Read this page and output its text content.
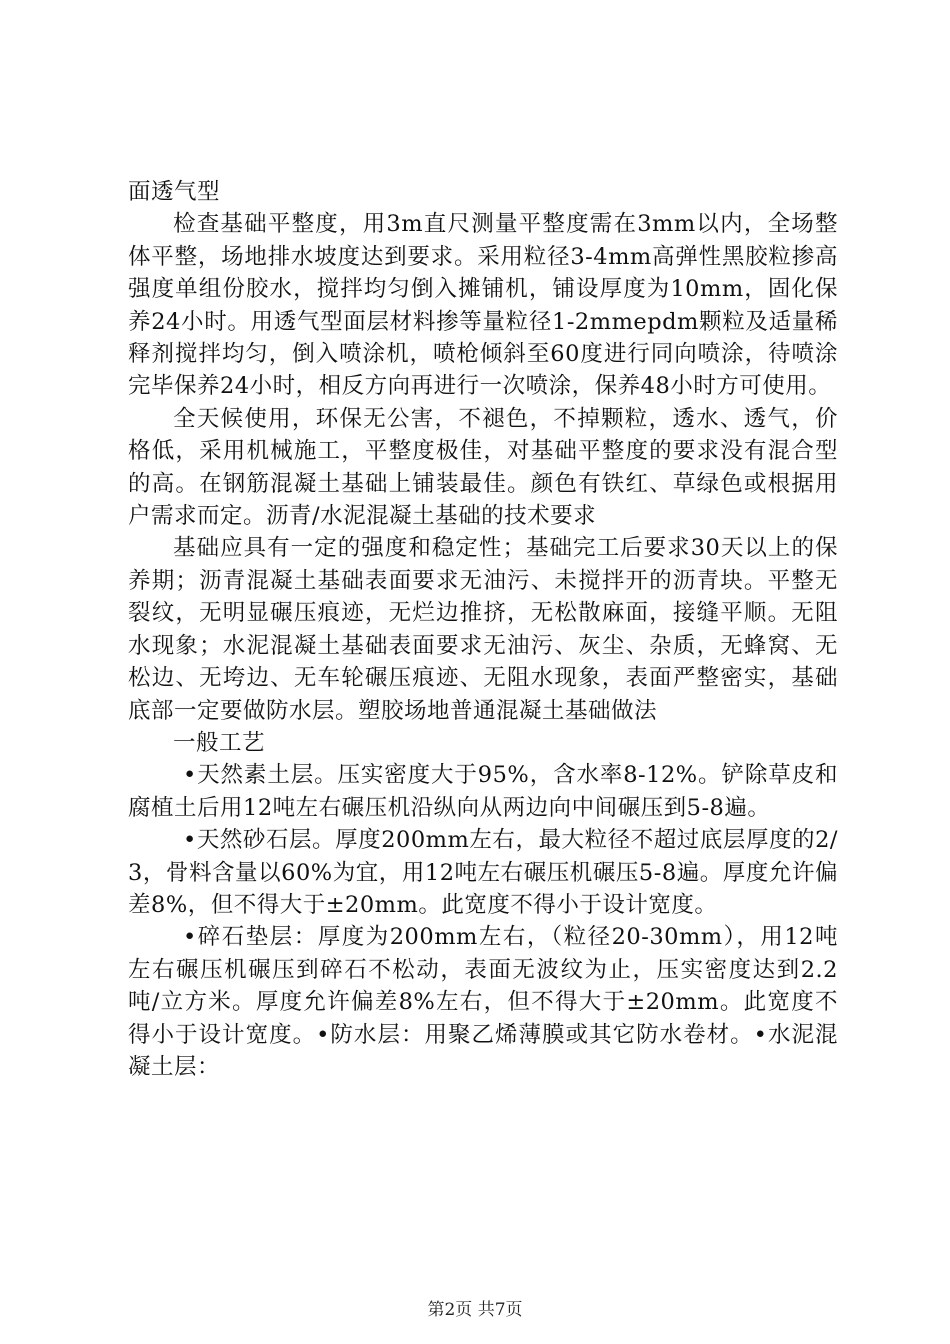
面透气型

检查基础平整度，用3m直尺测量平整度需在3mm以内，全场整体平整，场地排水坡度达到要求。采用粒径3-4mm高弹性黑胶粒掺高强度单组份胶水，搅拌均匀倒入摊铺机，铺设厚度为10mm，固化保养24小时。用透气型面层材料掺等量粒径1-2mmepdm颗粒及适量稀释剂搅拌均匀，倒入喷涂机，喷枪倾斜至60度进行同向喷涂，待喷涂完毕保养24小时，相反方向再进行一次喷涂，保养48小时方可使用。

全天候使用，环保无公害，不褪色，不掉颗粒，透水、透气，价格低，采用机械施工，平整度极佳，对基础平整度的要求没有混合型的高。在钢筋混凝土基础上铺装最佳。颜色有铁红、草绿色或根据用户需求而定。沥青/水泥混凝土基础的技术要求

基础应具有一定的强度和稳定性；基础完工后要求30天以上的保养期；沥青混凝土基础表面要求无油污、未搅拌开的沥青块。平整无裂纹，无明显碾压痕迹，无烂边推挤，无松散麻面，接缝平顺。无阻水现象；水泥混凝土基础表面要求无油污、灰尘、杂质，无蜂窝、无松边、无垮边、无车轮碾压痕迹、无阻水现象，表面严整密实，基础底部一定要做防水层。塑胶场地普通混凝土基础做法

一般工艺

•天然素土层。压实密度大于95%，含水率8-12%。铲除草皮和腐植土后用12吨左右碾压机沿纵向从两边向中间碾压到5-8遍。

•天然砂石层。厚度200mm左右，最大粒径不超过底层厚度的2/3，骨料含量以60%为宜，用12吨左右碾压机碾压5-8遍。厚度允许偏差8%，但不得大于±20mm。此宽度不得小于设计宽度。

•碎石垫层：厚度为200mm左右，（粒径20-30mm），用12吨左右碾压机碾压到碎石不松动，表面无波纹为止，压实密度达到2.2吨/立方米。厚度允许偏差8%左右，但不得大于±20mm。此宽度不得小于设计宽度。•防水层：用聚乙烯薄膜或其它防水卷材。•水泥混凝土层：

第2页 共7页
